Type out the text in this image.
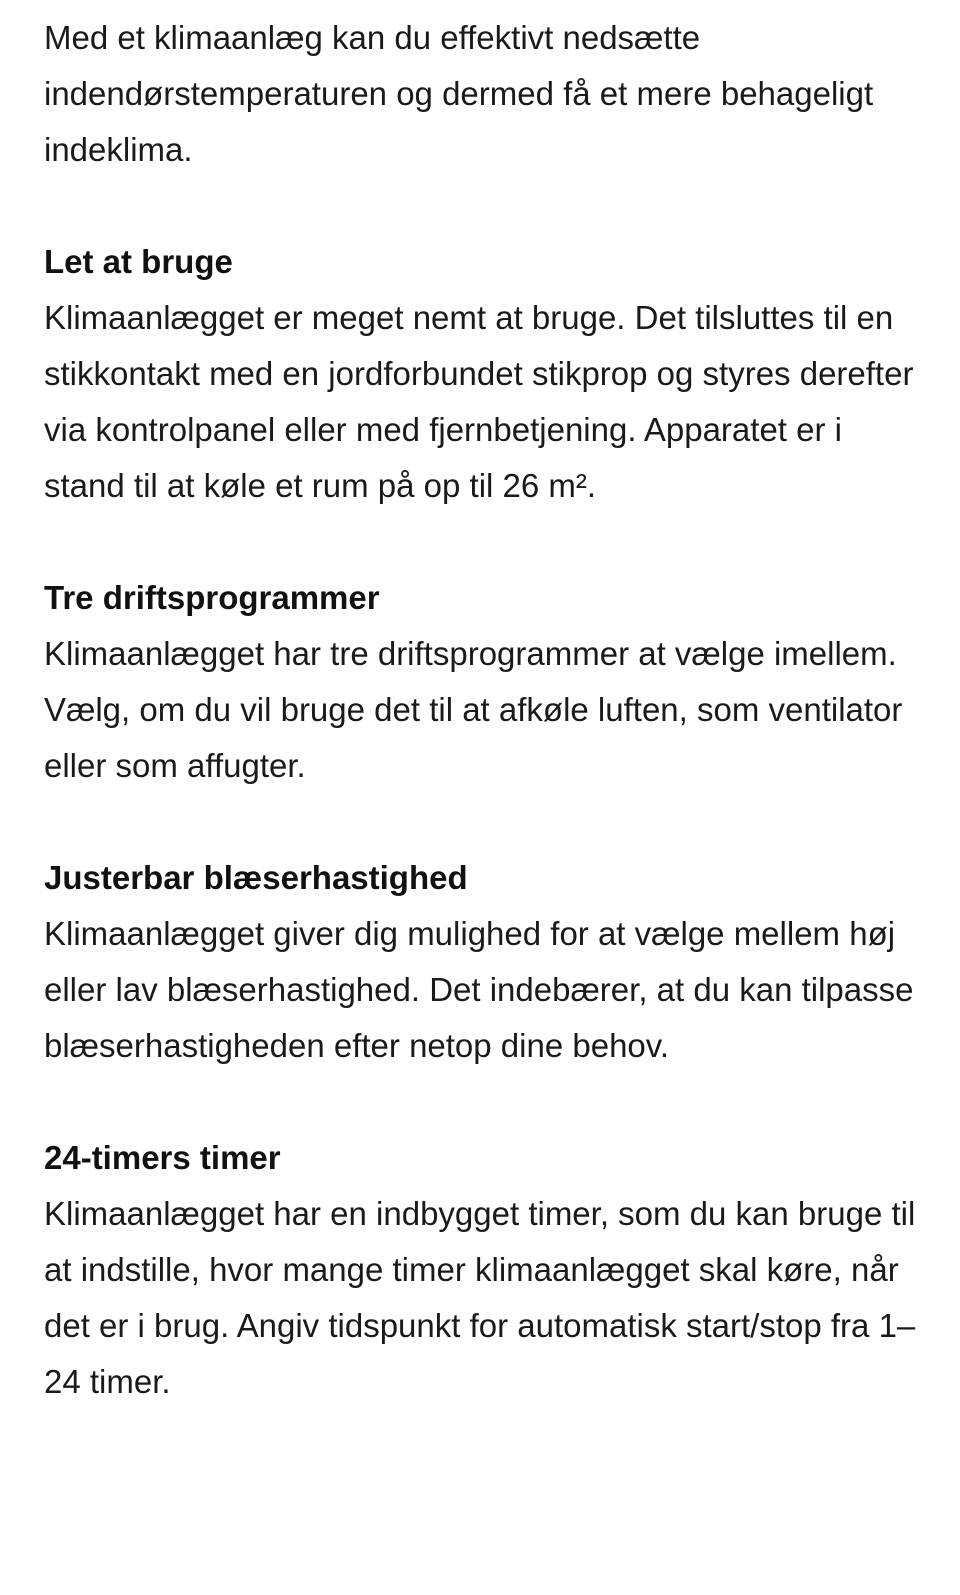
Med et klimaanlæg kan du effektivt nedsætte indendørstemperaturen og dermed få et mere behageligt indeklima.

Let at bruge

Klimaanlægget er meget nemt at bruge. Det tilsluttes til en stikkontakt med en jordforbundet stikprop og styres derefter via kontrolpanel eller med fjernbetjening. Apparatet er i stand til at køle et rum på op til 26 m².

Tre driftsprogrammer

Klimaanlægget har tre driftsprogrammer at vælge imellem. Vælg, om du vil bruge det til at afkøle luften, som ventilator eller som affugter.

Justerbar blæserhastighed

Klimaanlægget giver dig mulighed for at vælge mellem høj eller lav blæserhastighed. Det indebærer, at du kan tilpasse blæserhastigheden efter netop dine behov.

24-timers timer

Klimaanlægget har en indbygget timer, som du kan bruge til at indstille, hvor mange timer klimaanlægget skal køre, når det er i brug. Angiv tidspunkt for automatisk start/stop fra 1–24 timer.
